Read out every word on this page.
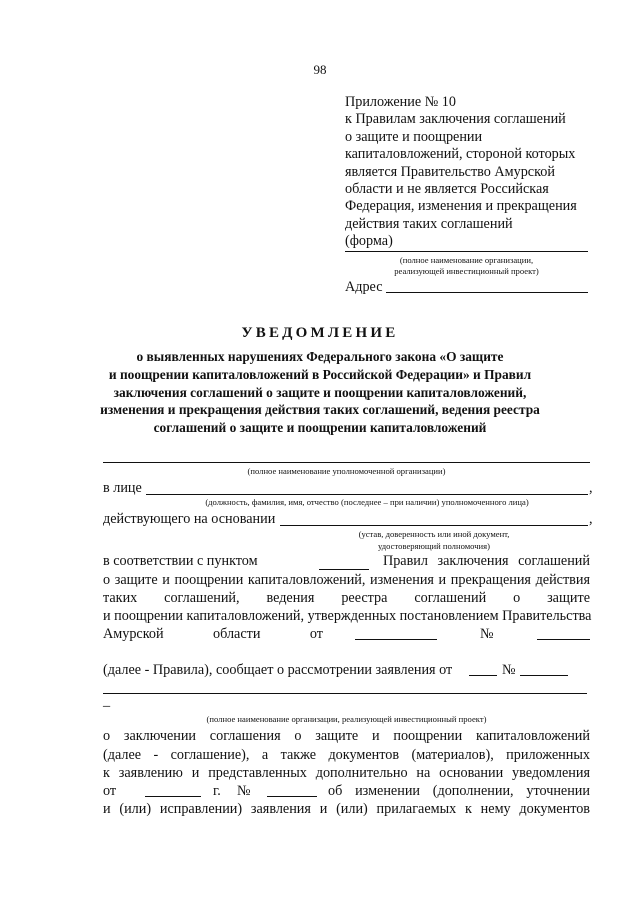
98
Приложение № 10
к Правилам заключения соглашений
о защите и поощрении
капиталовложений, стороной которых
является Правительство Амурской
области и не является Российская
Федерация, изменения и прекращения
действия таких соглашений
(форма)
(полное наименование организации,
реализующей инвестиционный проект)
Адрес
УВЕДОМЛЕНИЕ
о выявленных нарушениях Федерального закона «О защите
и поощрении капиталовложений в Российской Федерации» и Правил
заключения соглашений о защите и поощрении капиталовложений,
изменения и прекращения действия таких соглашений, ведения реестра
соглашений о защите и поощрении капиталовложений
(полное наименование уполномоченной организации)
в лице	,
(должность, фамилия, имя, отчество (последнее – при наличии) уполномоченного лица)
действующего на основании	,
(устав, доверенность или иной документ,
удостоверяющий полномочия)
в соответствии с пунктом	Правил заключения соглашений
о защите и поощрении капиталовложений, изменения и прекращения действия
таких соглашений, ведения реестра соглашений о защите
и поощрении капиталовложений, утвержденных постановлением Правительства
Амурской области от	№
(далее - Правила), сообщает о рассмотрении заявления от	№
–
(полное наименование организации, реализующей инвестиционный проект)
о заключении соглашения о защите и поощрении капиталовложений
(далее - соглашение), а также документов (материалов), приложенных
к заявлению и представленных дополнительно на основании уведомления
от	г. №	об изменении (дополнении, уточнении
и (или) исправлении) заявления и (или) прилагаемых к нему документов
